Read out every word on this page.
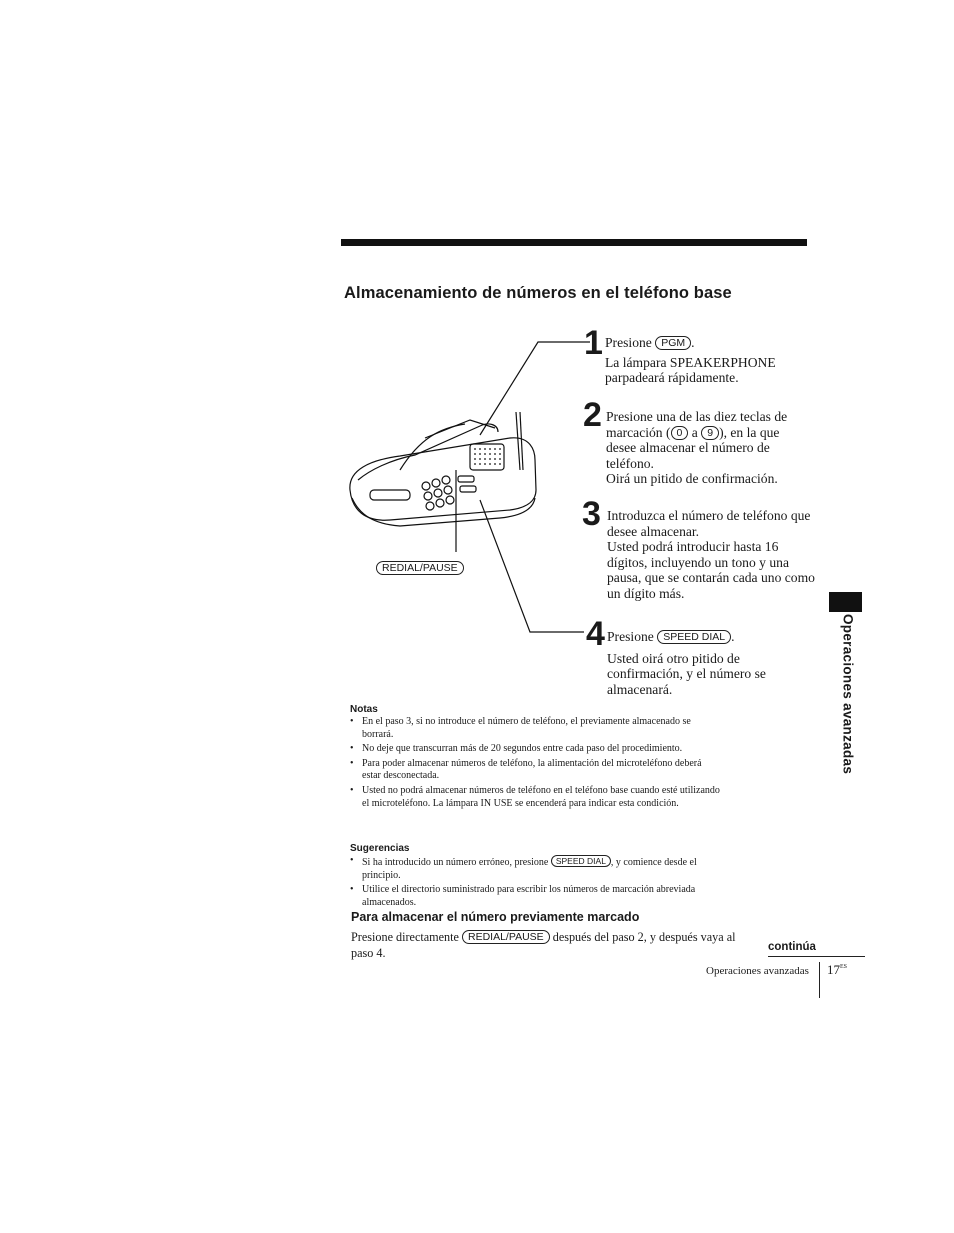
Almacenamiento de números en el teléfono base
REDIAL/PAUSE
1 Presione PGM .

La lámpara SPEAKERPHONE parpadeará rápidamente.

2 Presione una de las diez teclas de

marcación ( 0 a 9 ), en la que

desee almacenar el número de

teléfono.

Oirá un pitido de confirmación.

3 Introduzca el número de teléfono que desee almacenar.

Usted podrá introducir hasta 16 dígitos, incluyendo un tono y una pausa, que se contarán cada uno como un dígito más.

4 Presione SPEED DIAL .

Usted oirá otro pitido de confirmación, y el número se almacenará.

Notas
• En el paso 3, si no introduce el número de teléfono, el previamente almacenado se borrará.
• No deje que transcurran más de 20 segundos entre cada paso del procedimiento.
• Para poder almacenar números de teléfono, la alimentación del microteléfono deberá estar desconectada.
• Usted no podrá almacenar números de teléfono en el teléfono base cuando esté utilizando el microteléfono. La lámpara IN USE se encenderá para indicar esta condición.
Sugerencias
• Si ha introducido un número erróneo, presione SPEED DIAL , y comience desde el principio.
• Utilice el directorio suministrado para escribir los números de marcación abreviada almacenados.
Para almacenar el número previamente marcado
Presione directamente REDIAL/PAUSE después del paso 2, y después vaya al paso 4.
Operaciones avanzadas
continúa
Operaciones avanzadas $17^{ES}$
